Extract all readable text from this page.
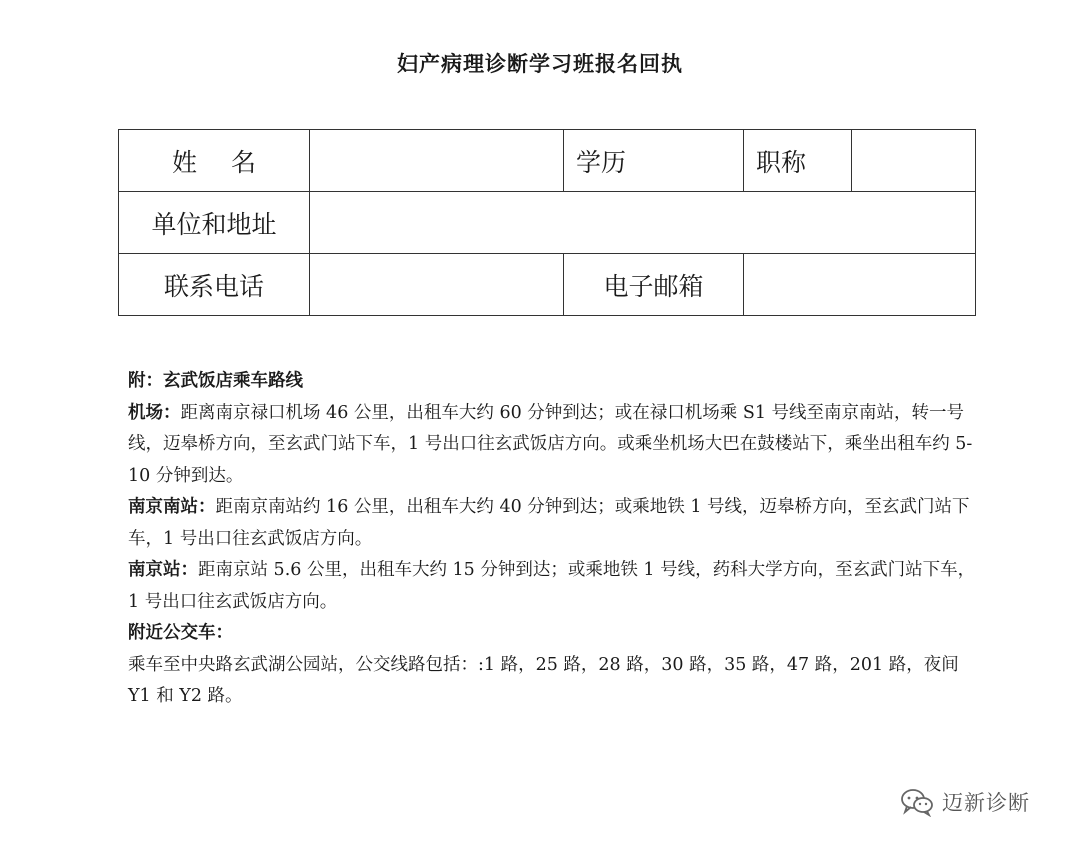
妇产病理诊断学习班报名回执
姓名		学历	职称	
单位和地址				
联系电话		电子邮箱		

附：玄武饭店乘车路线

机场：距离南京禄口机场 46 公里，出租车大约 60 分钟到达；或在禄口机场乘 S1 号线至南京南站，转一号线，迈皋桥方向，至玄武门站下车，1 号出口往玄武饭店方向。或乘坐机场大巴在鼓楼站下，乘坐出租车约 5-10 分钟到达。

南京南站：距南京南站约 16 公里，出租车大约 40 分钟到达；或乘地铁 1 号线，迈皋桥方向，至玄武门站下车，1 号出口往玄武饭店方向。

南京站：距南京站 5.6 公里，出租车大约 15 分钟到达；或乘地铁 1 号线，药科大学方向，至玄武门站下车，1 号出口往玄武饭店方向。

附近公交车：

乘车至中央路玄武湖公园站，公交线路包括：:1 路，25 路，28 路，30 路，35 路，47 路，201 路，夜间 Y1 和 Y2 路。

迈新诊断
